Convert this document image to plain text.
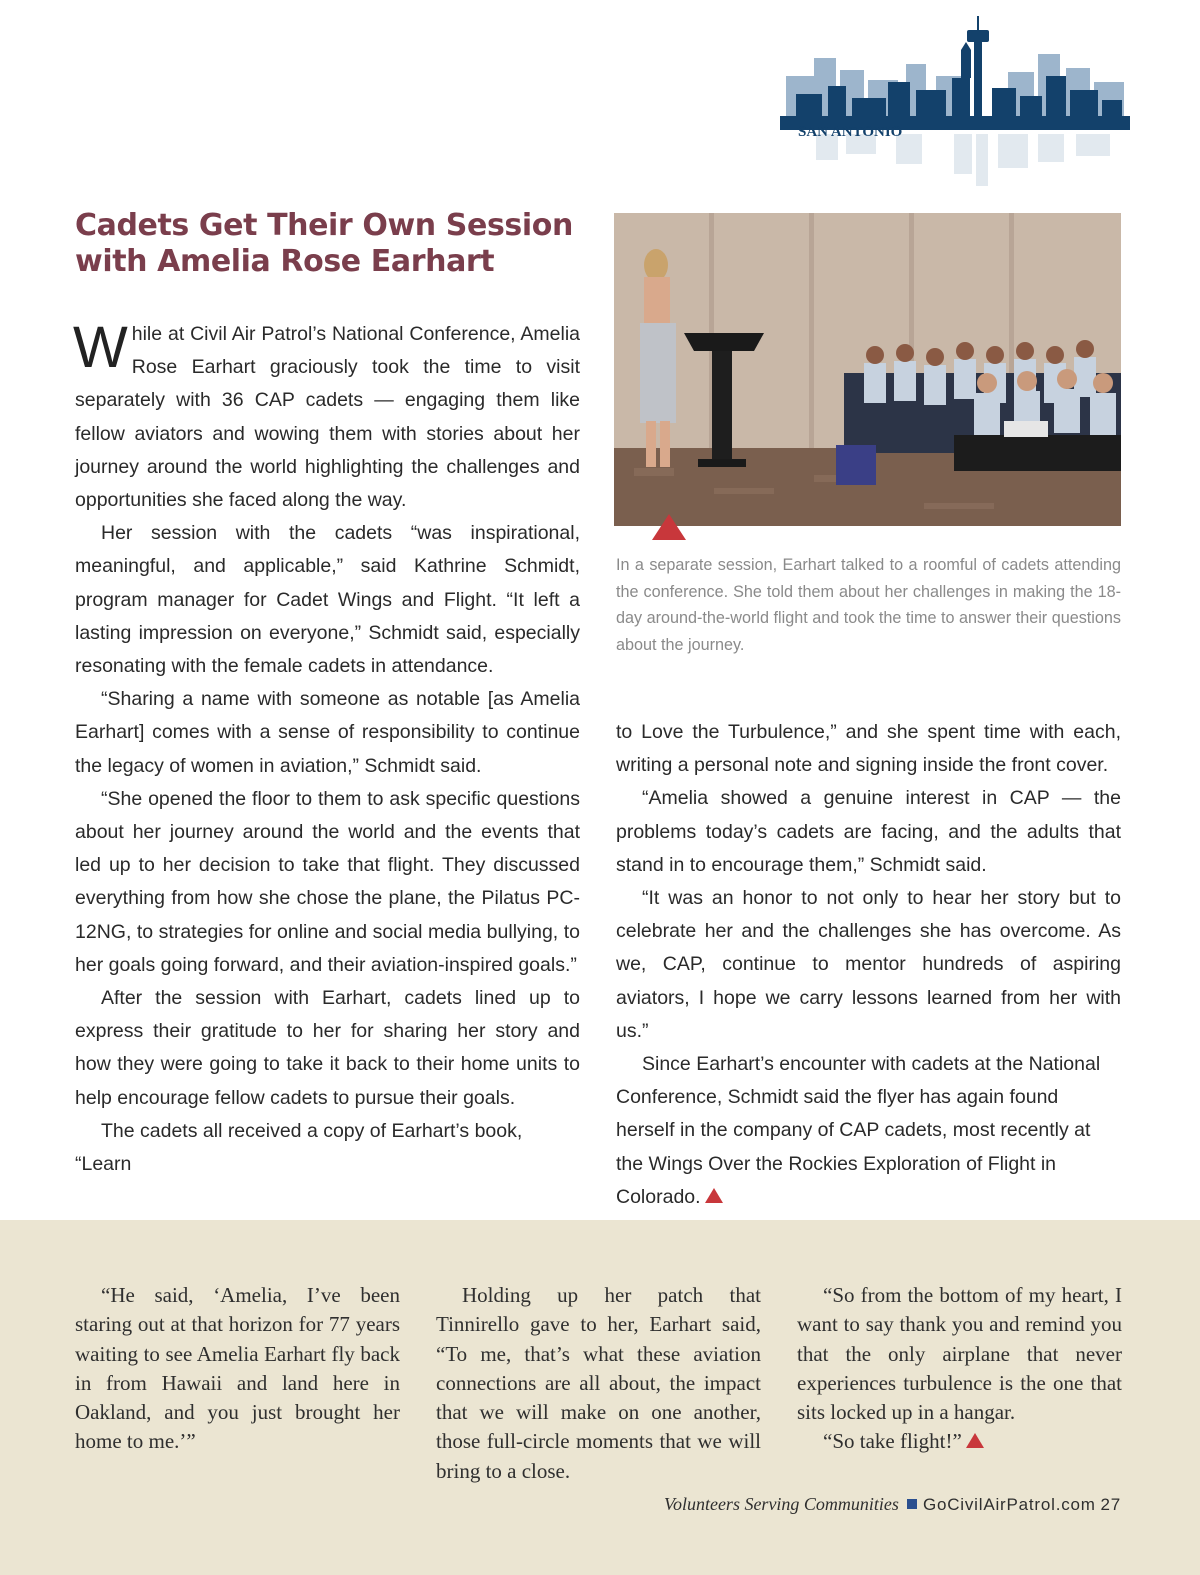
SAN ANTONIO
Cadets Get Their Own Session with Amelia Rose Earhart

While at Civil Air Patrol’s National Conference, Amelia Rose Earhart graciously took the time to visit separately with 36 CAP cadets — engaging them like fellow aviators and wowing them with stories about her journey around the world highlighting the challenges and opportunities she faced along the way.

Her session with the cadets “was inspirational, meaningful, and applicable,” said Kathrine Schmidt, program manager for Cadet Wings and Flight. “It left a lasting impression on everyone,” Schmidt said, especially resonating with the female cadets in attendance.

“Sharing a name with someone as notable [as Amelia Earhart] comes with a sense of responsibility to continue the legacy of women in aviation,” Schmidt said.

“She opened the floor to them to ask specific questions about her journey around the world and the events that led up to her decision to take that flight. They discussed everything from how she chose the plane, the Pilatus PC-12NG, to strategies for online and social media bullying, to her goals going forward, and their aviation-inspired goals.”

After the session with Earhart, cadets lined up to express their gratitude to her for sharing her story and how they were going to take it back to their home units to help encourage fellow cadets to pursue their goals.

The cadets all received a copy of Earhart’s book, “Learn

In a separate session, Earhart talked to a roomful of cadets attending the conference. She told them about her challenges in making the 18-day around-the-world flight and took the time to answer their questions about the journey.

to Love the Turbulence,” and she spent time with each, writing a personal note and signing inside the front cover.

“Amelia showed a genuine interest in CAP — the problems today’s cadets are facing, and the adults that stand in to encourage them,” Schmidt said.

“It was an honor to not only to hear her story but to celebrate her and the challenges she has overcome. As we, CAP, continue to mentor hundreds of aspiring aviators, I hope we carry lessons learned from her with us.”

Since Earhart’s encounter with cadets at the National Conference, Schmidt said the flyer has again found herself in the company of CAP cadets, most recently at the Wings Over the Rockies Exploration of Flight in Colorado.

“He said, ‘Amelia, I’ve been staring out at that horizon for 77 years waiting to see Amelia Earhart fly back in from Hawaii and land here in Oakland, and you just brought her home to me.’”

Holding up her patch that Tinnirello gave to her, Earhart said, “To me, that’s what these aviation connections are all about, the impact that we will make on one another, those full-circle moments that we will bring to a close.

“So from the bottom of my heart, I want to say thank you and remind you that the only airplane that never experiences turbulence is the one that sits locked up in a hangar.

“So take flight!”

Volunteers Serving Communities GoCivilAirPatrol.com 27
